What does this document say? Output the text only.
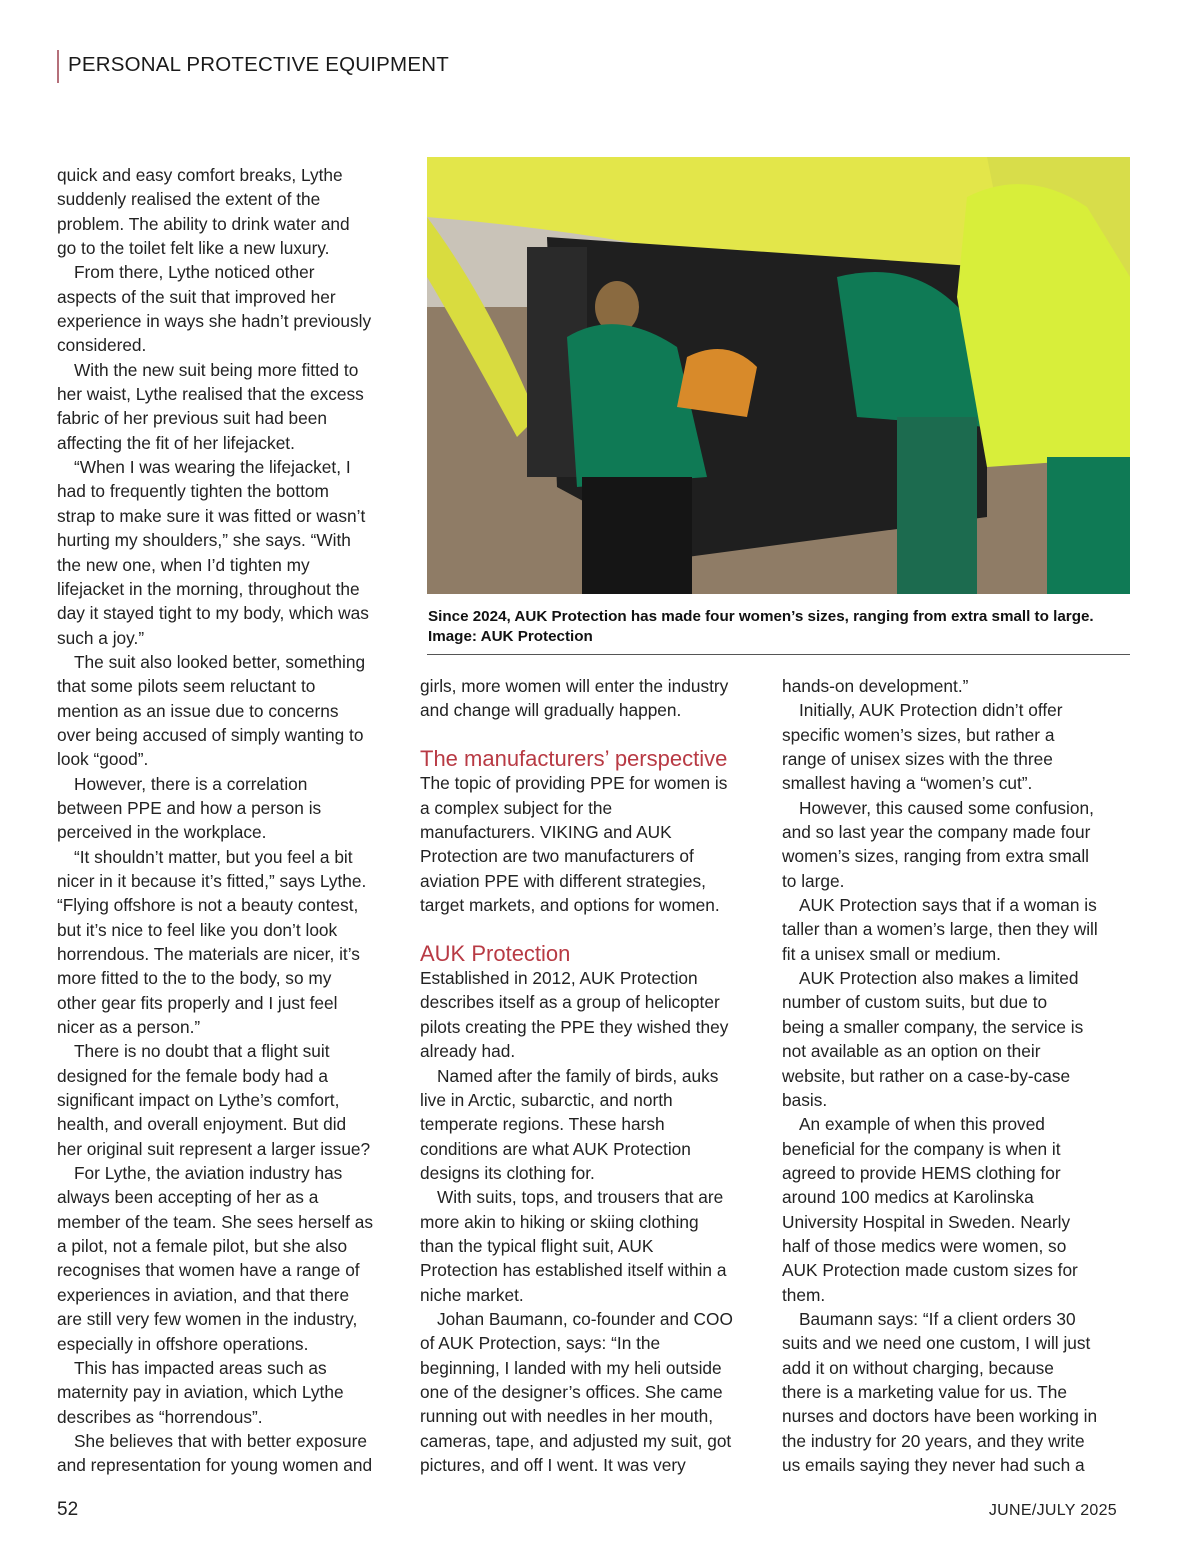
PERSONAL PROTECTIVE EQUIPMENT
Since 2024, AUK Protection has made four women’s sizes, ranging from extra small to large. Image: AUK Protection
quick and easy comfort breaks, Lythe
suddenly realised the extent of the
problem. The ability to drink water and
go to the toilet felt like a new luxury.
From there, Lythe noticed other
aspects of the suit that improved her
experience in ways she hadn’t previously
considered.
With the new suit being more fitted to
her waist, Lythe realised that the excess
fabric of her previous suit had been
affecting the fit of her lifejacket.
“When I was wearing the lifejacket, I
had to frequently tighten the bottom
strap to make sure it was fitted or wasn’t
hurting my shoulders,” she says. “With
the new one, when I’d tighten my
lifejacket in the morning, throughout the
day it stayed tight to my body, which was
such a joy.”
The suit also looked better, something
that some pilots seem reluctant to
mention as an issue due to concerns
over being accused of simply wanting to
look “good”.
However, there is a correlation
between PPE and how a person is
perceived in the workplace.
“It shouldn’t matter, but you feel a bit
nicer in it because it’s fitted,” says Lythe.
“Flying offshore is not a beauty contest,
but it’s nice to feel like you don’t look
horrendous. The materials are nicer, it’s
more fitted to the to the body, so my
other gear fits properly and I just feel
nicer as a person.”
There is no doubt that a flight suit
designed for the female body had a
significant impact on Lythe’s comfort,
health, and overall enjoyment. But did
her original suit represent a larger issue?
For Lythe, the aviation industry has
always been accepting of her as a
member of the team. She sees herself as
a pilot, not a female pilot, but she also
recognises that women have a range of
experiences in aviation, and that there
are still very few women in the industry,
especially in offshore operations.
This has impacted areas such as
maternity pay in aviation, which Lythe
describes as “horrendous”.
She believes that with better exposure
and representation for young women and
girls, more women will enter the industry
and change will gradually happen.
The manufacturers’ perspective
The topic of providing PPE for women is
a complex subject for the
manufacturers. VIKING and AUK
Protection are two manufacturers of
aviation PPE with different strategies,
target markets, and options for women.
AUK Protection
Established in 2012, AUK Protection
describes itself as a group of helicopter
pilots creating the PPE they wished they
already had.
Named after the family of birds, auks
live in Arctic, subarctic, and north
temperate regions. These harsh
conditions are what AUK Protection
designs its clothing for.
With suits, tops, and trousers that are
more akin to hiking or skiing clothing
than the typical flight suit, AUK
Protection has established itself within a
niche market.
Johan Baumann, co-founder and COO
of AUK Protection, says: “In the
beginning, I landed with my heli outside
one of the designer’s offices. She came
running out with needles in her mouth,
cameras, tape, and adjusted my suit, got
pictures, and off I went. It was very
hands-on development.”
Initially, AUK Protection didn’t offer
specific women’s sizes, but rather a
range of unisex sizes with the three
smallest having a “women’s cut”.
However, this caused some confusion,
and so last year the company made four
women’s sizes, ranging from extra small
to large.
AUK Protection says that if a woman is
taller than a women’s large, then they will
fit a unisex small or medium.
AUK Protection also makes a limited
number of custom suits, but due to
being a smaller company, the service is
not available as an option on their
website, but rather on a case-by-case
basis.
An example of when this proved
beneficial for the company is when it
agreed to provide HEMS clothing for
around 100 medics at Karolinska
University Hospital in Sweden. Nearly
half of those medics were women, so
AUK Protection made custom sizes for
them.
Baumann says: “If a client orders 30
suits and we need one custom, I will just
add it on without charging, because
there is a marketing value for us. The
nurses and doctors have been working in
the industry for 20 years, and they write
us emails saying they never had such a
52	JUNE/JULY 2025
